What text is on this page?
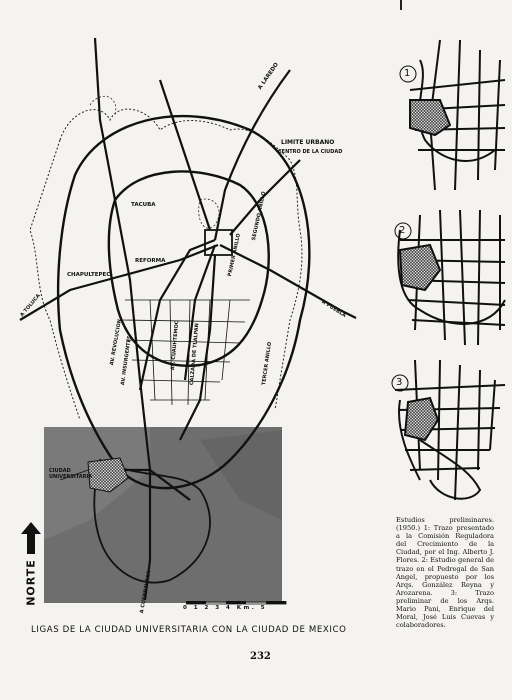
1
2
3
A LAREDO
LIMITE URBANO
CENTRO DE LA CIUDAD
TACUBA	SEGUNDO ANILLO
PRIMER ANILLO
CHAPULTEPEC
REFORMA
A TOLUCA	A PUEBLA
AV. REVOLUCION
AV. INSURGENTES	AV. CUAUHTEMOC CALZADA DE TLALPAN	TERCER ANILLO
CIUDAD UNIVERSITARIA
A CUERNAVACA
NORTE
0 1 2 3 4 Km. 5
Estudios preliminares. (1950.) 1: Trazo presentado a la Comisión Reguladora del Crecimiento de la Ciudad, por el Ing. Alberto J. Flores. 2: Estudio general de trazo en el Pedregal de San Angel, propuesto por los Arqs. González Reyna y Arozarena. 3: Trazo preliminar de los Arqs. Mario Pani, Enrique del Moral, José Luis Cuevas y colaboradores.
LIGAS DE LA CIUDAD UNIVERSITARIA CON LA CIUDAD DE MEXICO
232
